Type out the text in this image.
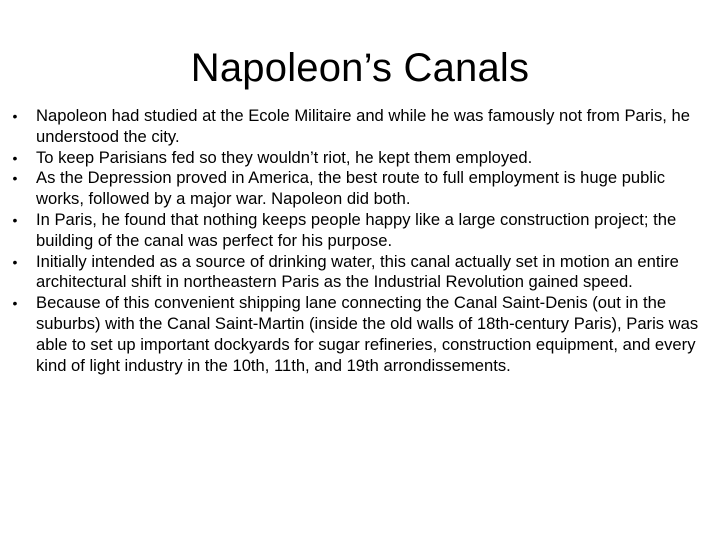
Napoleon’s Canals
• Napoleon had studied at the Ecole Militaire and while he was famously not from Paris, he understood the city.
• To keep Parisians fed so they wouldn’t riot, he kept them employed.
• As the Depression proved in America, the best route to full employment is huge public works, followed by a major war. Napoleon did both.
• In Paris, he found that nothing keeps people happy like a large construction project; the building of the canal was perfect for his purpose.
• Initially intended as a source of drinking water, this canal actually set in motion an entire architectural shift in northeastern Paris as the Industrial Revolution gained speed.
• Because of this convenient shipping lane connecting the Canal Saint-Denis (out in the suburbs) with the Canal Saint-Martin (inside the old walls of 18th-century Paris), Paris was able to set up important dockyards for sugar refineries, construction equipment, and every kind of light industry in the 10th, 11th, and 19th arrondissements.
